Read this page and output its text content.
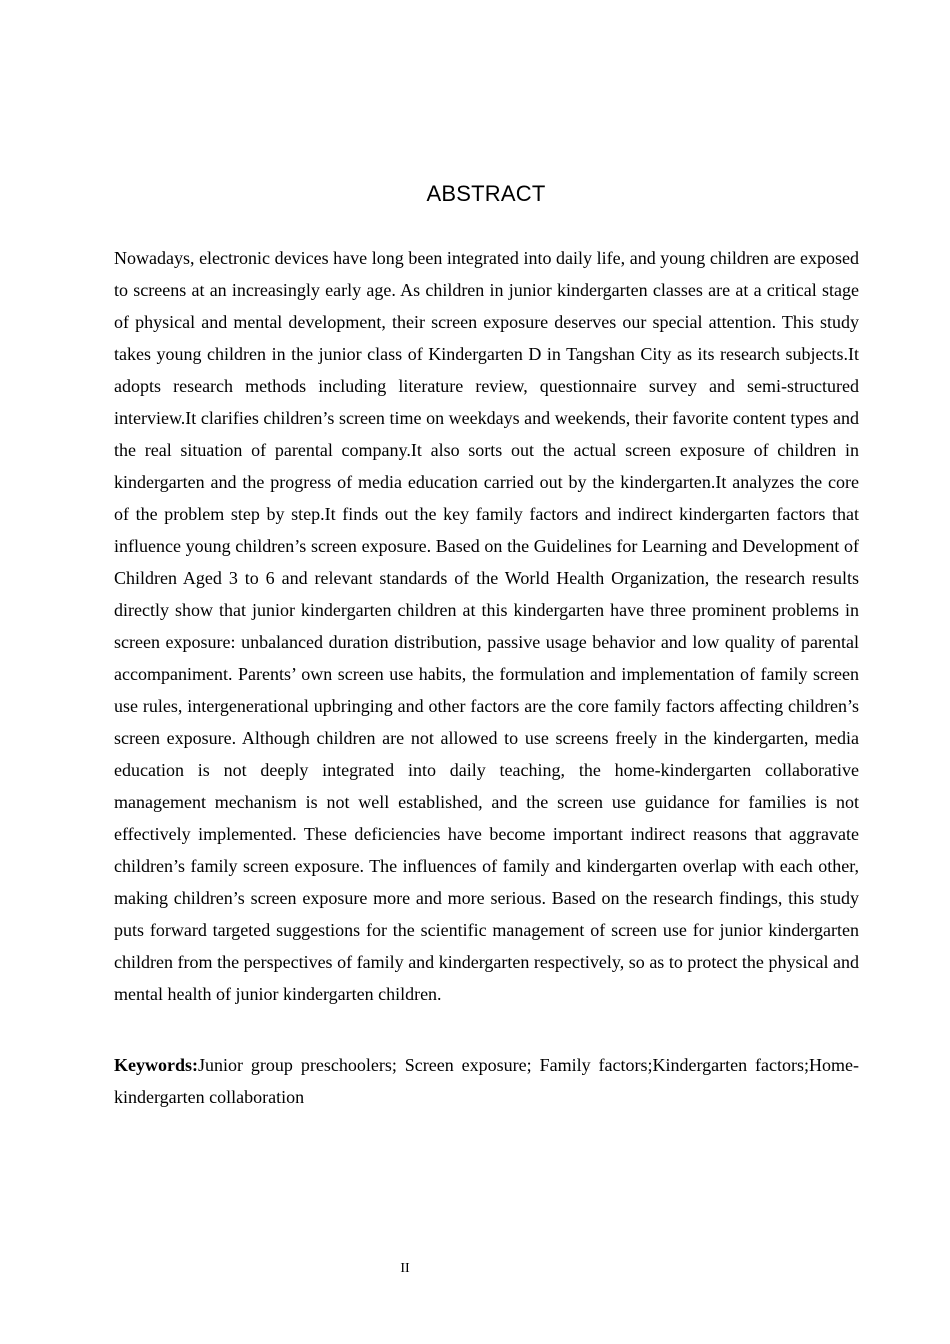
ABSTRACT

Nowadays, electronic devices have long been integrated into daily life, and young children are exposed to screens at an increasingly early age. As children in junior kindergarten classes are at a critical stage of physical and mental development, their screen exposure deserves our special attention. This study takes young children in the junior class of Kindergarten D in Tangshan City as its research subjects.It adopts research methods including literature review, questionnaire survey and semi-structured interview.It clarifies children’s screen time on weekdays and weekends, their favorite content types and the real situation of parental company.It also sorts out the actual screen exposure of children in kindergarten and the progress of media education carried out by the kindergarten.It analyzes the core of the problem step by step.It finds out the key family factors and indirect kindergarten factors that influence young children’s screen exposure. Based on the Guidelines for Learning and Development of Children Aged 3 to 6 and relevant standards of the World Health Organization, the research results directly show that junior kindergarten children at this kindergarten have three prominent problems in screen exposure: unbalanced duration distribution, passive usage behavior and low quality of parental accompaniment. Parents’ own screen use habits, the formulation and implementation of family screen use rules, intergenerational upbringing and other factors are the core family factors affecting children’s screen exposure. Although children are not allowed to use screens freely in the kindergarten, media education is not deeply integrated into daily teaching, the home-kindergarten collaborative management mechanism is not well established, and the screen use guidance for families is not effectively implemented. These deficiencies have become important indirect reasons that aggravate children’s family screen exposure. The influences of family and kindergarten overlap with each other, making children’s screen exposure more and more serious. Based on the research findings, this study puts forward targeted suggestions for the scientific management of screen use for junior kindergarten children from the perspectives of family and kindergarten respectively, so as to protect the physical and mental health of junior kindergarten children.

Keywords:Junior group preschoolers; Screen exposure; Family factors;Kindergarten factors;Home-kindergarten collaboration

II
